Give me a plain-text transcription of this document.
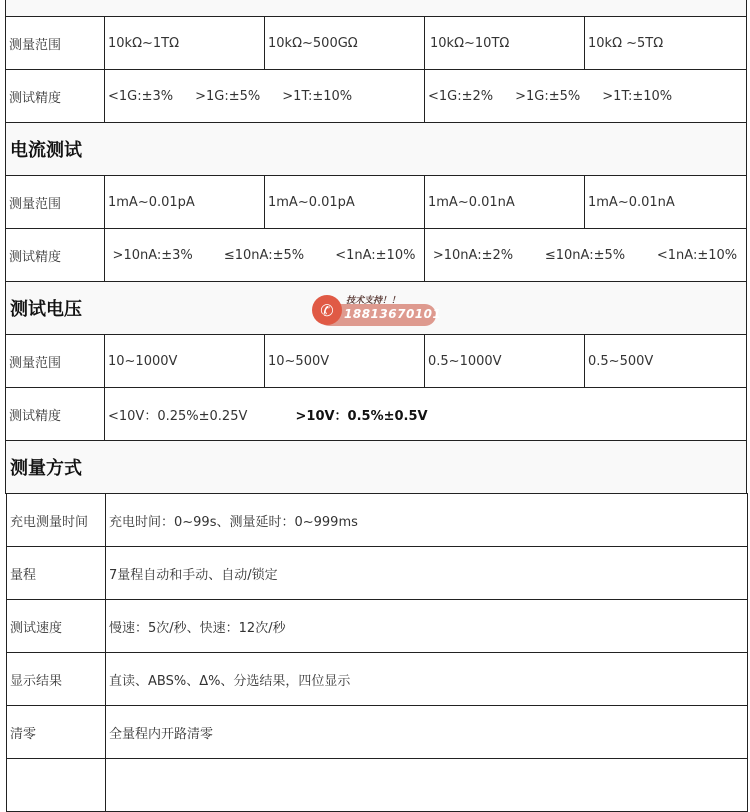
测量范围	10kΩ~1TΩ	10kΩ~500GΩ	10kΩ~10TΩ	10kΩ ~5TΩ
测试精度	<1G:±3% >1G:±5% >1T:±10%		<1G:±2% >1G:±5% >1T:±10%	

电流测试				
测量范围	1mA~0.01pA	1mA~0.01pA	1mA~0.01nA	1mA~0.01nA
测试精度	>10nA:±3% ≤10nA:±5% <1nA:±10%		>10nA:±2% ≤10nA:±5% <1nA:±10%	

测试电压				
测量范围	10~1000V	10~500V	0.5~1000V	0.5~500V
测试精度	<10V：0.25%±0.25V >10V：0.5%±0.5V			
测量方式				
充电测量时间	充电时间：0~99s、测量延时：0~999ms
量程	7量程自动和手动、自动/锁定
测试速度	慢速：5次/秒、快速：12次/秒
显示结果	直读、ABS%、Δ%、分选结果，四位显示
清零	全量程内开路清零

✆	技术支持！！
18813670101
